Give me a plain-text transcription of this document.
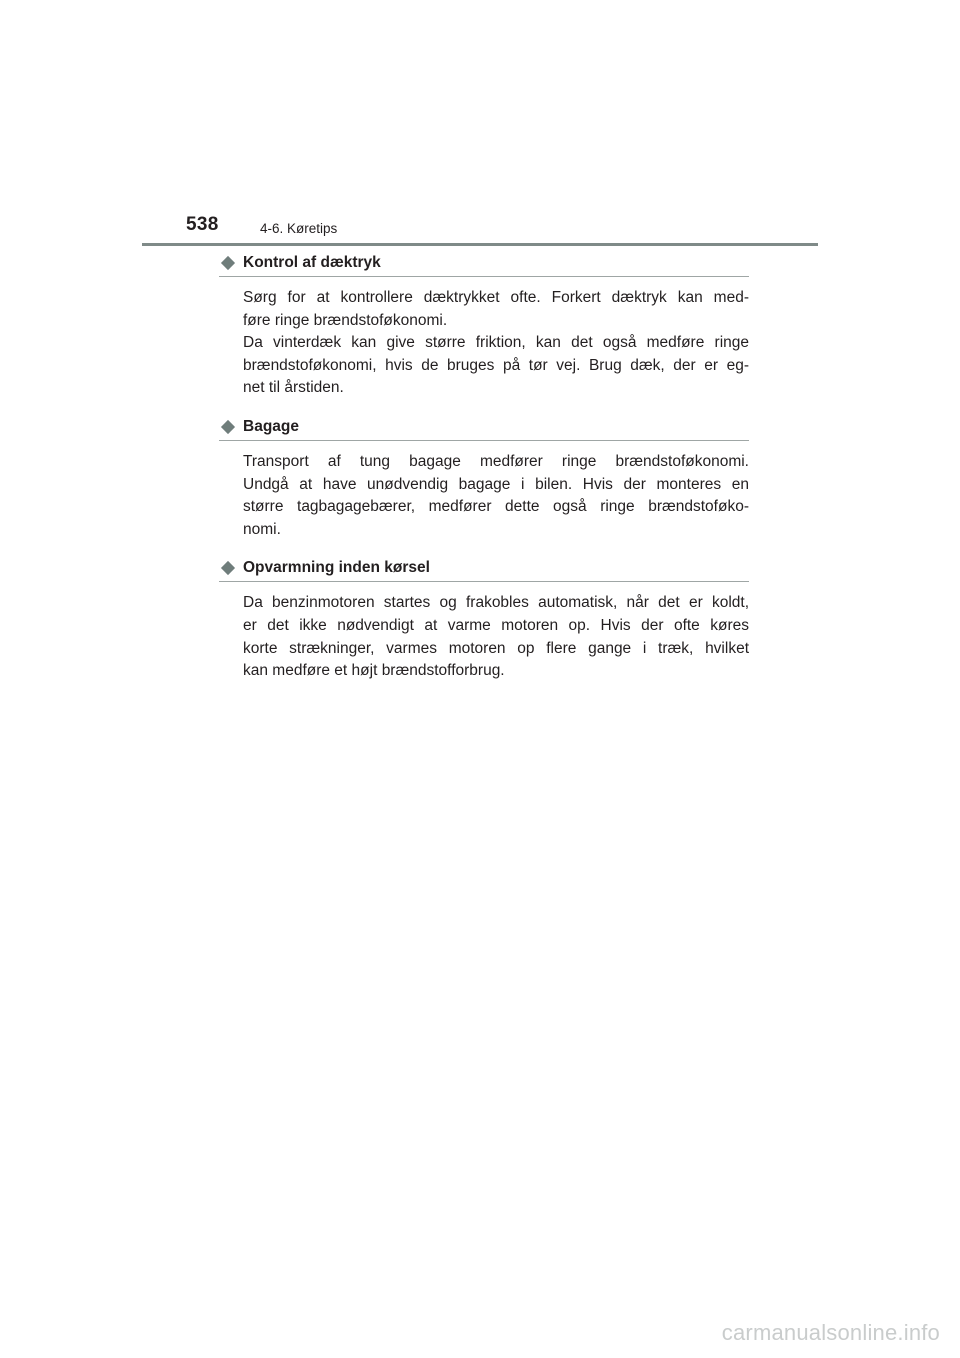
538	4-6. Køretips
Kontrol af dæktryk

Sørg for at kontrollere dæktrykket ofte. Forkert dæktryk kan med-
føre ringe brændstoføkonomi.
Da vinterdæk kan give større friktion, kan det også medføre ringe
brændstoføkonomi, hvis de bruges på tør vej. Brug dæk, der er eg-
net til årstiden.

Bagage

Transport af tung bagage medfører ringe brændstoføkonomi.
Undgå at have unødvendig bagage i bilen. Hvis der monteres en
større tagbagagebærer, medfører dette også ringe brændstoføko-
nomi.

Opvarmning inden kørsel

Da benzinmotoren startes og frakobles automatisk, når det er koldt,
er det ikke nødvendigt at varme motoren op. Hvis der ofte køres
korte strækninger, varmes motoren op flere gange i træk, hvilket
kan medføre et højt brændstofforbrug.

carmanualsonline.info
